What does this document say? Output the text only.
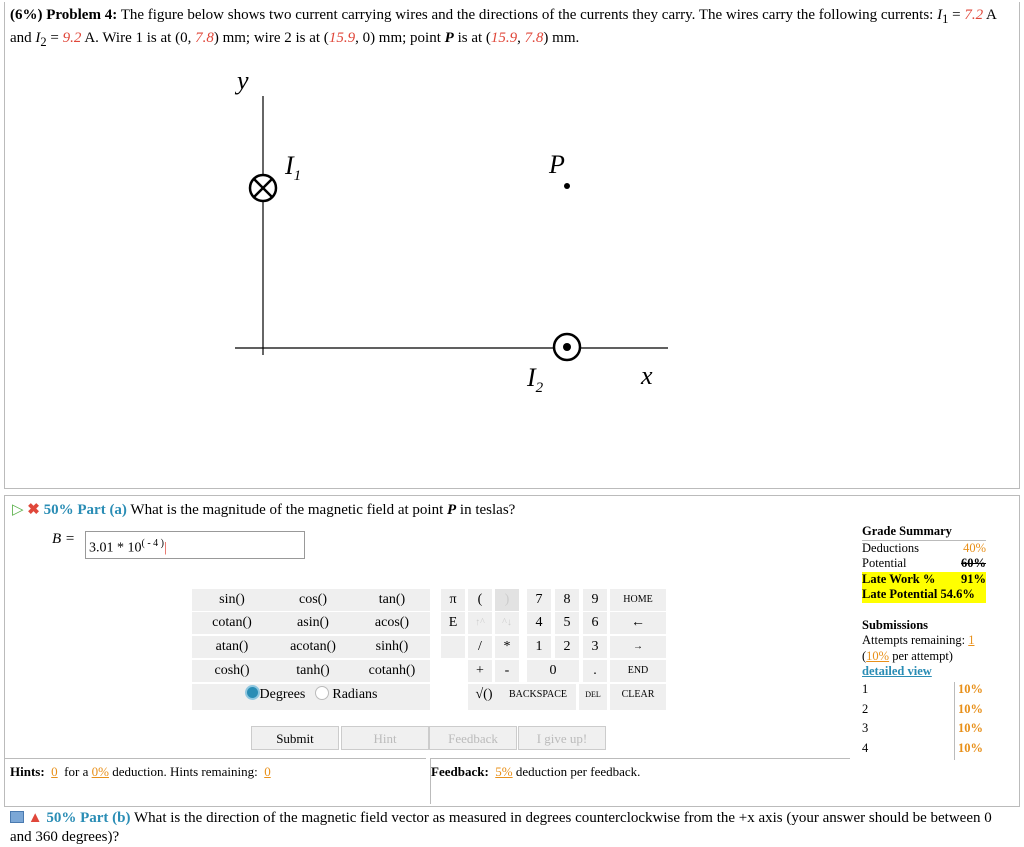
(6%) Problem 4: The figure below shows two current carrying wires and the directions of the currents they carry. The wires carry the following currents: $I_1 = 7.2$ A and $I_2 = 9.2$ A. Wire 1 is at (0, 7.8) mm; wire 2 is at (15.9, 0) mm; point P is at (15.9, 7.8) mm.
y
x
$I_1$
$I_2$
P
▷ ✖ 50% Part (a) What is the magnitude of the magnetic field at point P in teslas?
B =
$3.01 * 10^{( - 4 )}|$
sin()	cos()	tan()
cotan()	asin()	acos()
atan()	acotan()	sinh()
cosh()	tanh()	cotanh()
Degrees Radians
π	(	)	7	8	9	HOME
E	↑^	^↓	4	5	6	←
/	*	1	2	3	→
+	-	0	.	END
√()	BACKSPACE	DEL	CLEAR
Submit	Hint	Feedback	I give up!
Hints: 0 for a 0% deduction. Hints remaining: 0	Feedback: 5% deduction per feedback.
Grade Summary
Deductions	40%
Potential	60%
Late Work % 91%
Late Potential 54.6%
Submissions
Attempts remaining: 1
(10% per attempt)
detailed view
1	10%
2	10%
3	10%
4	10%
▲ 50% Part (b) What is the direction of the magnetic field vector as measured in degrees counterclockwise from the +x axis (your answer should be between 0 and 360 degrees)?
